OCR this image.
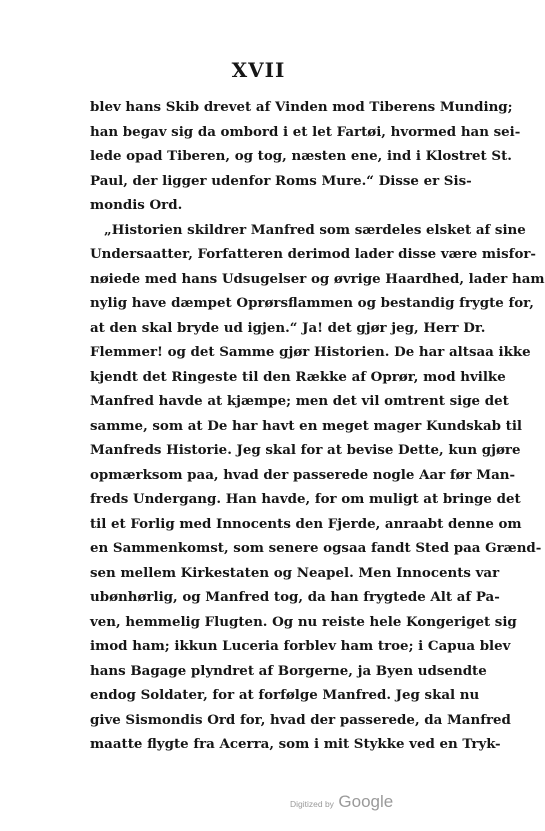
XVII
blev hans Skib drevet af Vinden mod Tiberens Munding;
han begav sig da ombord i et let Fartøi, hvormed han sei-
lede opad Tiberen, og tog, næsten ene, ind i Klostret St.
Paul, der ligger udenfor Roms Mure.“ Disse er Sis-
mondis Ord.
„Historien skildrer Manfred som særdeles elsket af sine
Undersaatter, Forfatteren derimod lader disse være misfor-
nøiede med hans Udsugelser og øvrige Haardhed, lader ham
nylig have dæmpet Oprørsflammen og bestandig frygte for,
at den skal bryde ud igjen.“ Ja! det gjør jeg, Herr Dr.
Flemmer! og det Samme gjør Historien. De har altsaa ikke
kjendt det Ringeste til den Række af Oprør, mod hvilke
Manfred havde at kjæmpe; men det vil omtrent sige det
samme, som at De har havt en meget mager Kundskab til
Manfreds Historie. Jeg skal for at bevise Dette, kun gjøre
opmærksom paa, hvad der passerede nogle Aar før Man-
freds Undergang. Han havde, for om muligt at bringe det
til et Forlig med Innocents den Fjerde, anraabt denne om
en Sammenkomst, som senere ogsaa fandt Sted paa Grænd-
sen mellem Kirkestaten og Neapel. Men Innocents var
ubønhørlig, og Manfred tog, da han frygtede Alt af Pa-
ven, hemmelig Flugten. Og nu reiste hele Kongeriget sig
imod ham; ikkun Luceria forblev ham troe; i Capua blev
hans Bagage plyndret af Borgerne, ja Byen udsendte
endog Soldater, for at forfølge Manfred. Jeg skal nu
give Sismondis Ord for, hvad der passerede, da Manfred
maatte flygte fra Acerra, som i mit Stykke ved en Tryk-
Digitized by Google
